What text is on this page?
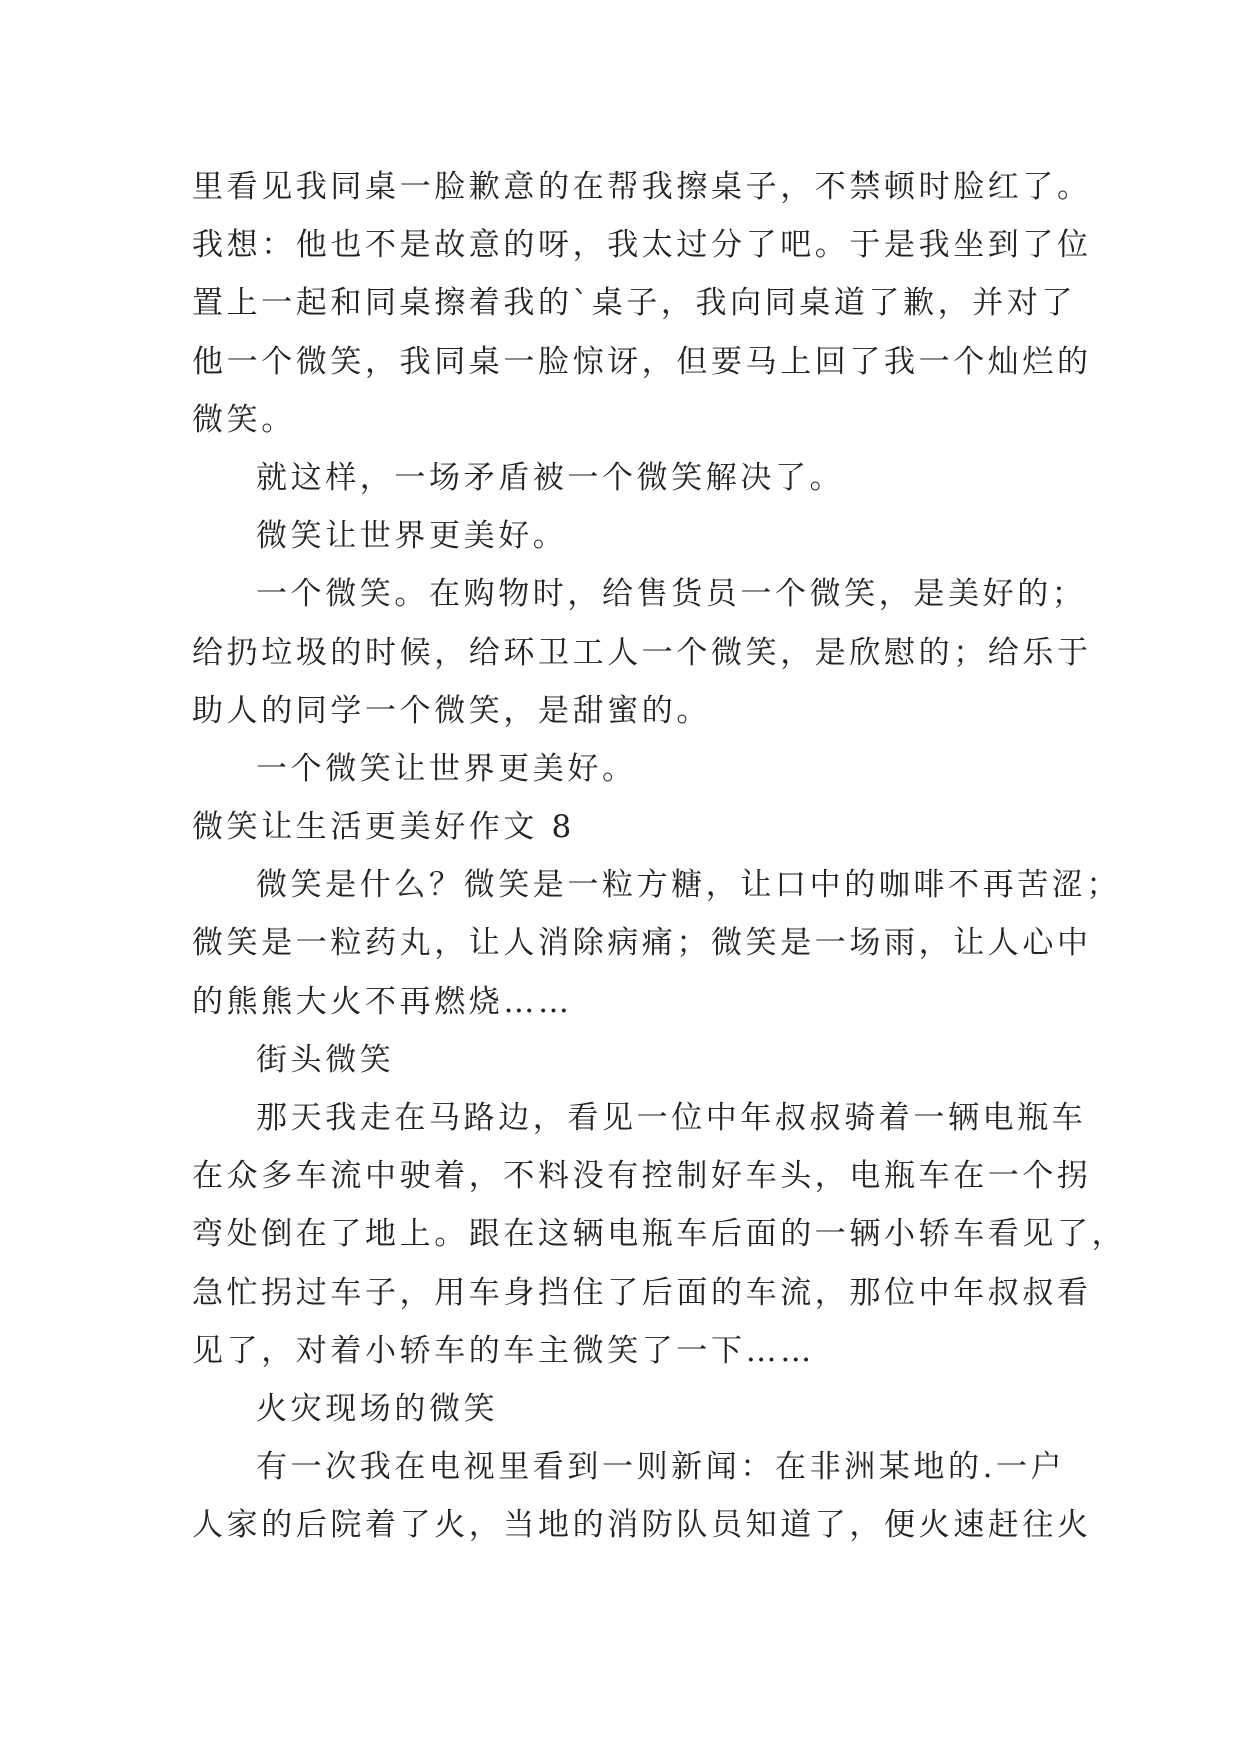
里看见我同桌一脸歉意的在帮我擦桌子，不禁顿时脸红了。
我想：他也不是故意的呀，我太过分了吧。于是我坐到了位
置上一起和同桌擦着我的`桌子，我向同桌道了歉，并对了
他一个微笑，我同桌一脸惊讶，但要马上回了我一个灿烂的
微笑。
就这样，一场矛盾被一个微笑解决了。
微笑让世界更美好。
一个微笑。在购物时，给售货员一个微笑，是美好的；
给扔垃圾的时候，给环卫工人一个微笑，是欣慰的；给乐于
助人的同学一个微笑，是甜蜜的。
一个微笑让世界更美好。
微笑让生活更美好作文 8
微笑是什么？微笑是一粒方糖，让口中的咖啡不再苦涩；
微笑是一粒药丸，让人消除病痛；微笑是一场雨，让人心中
的熊熊大火不再燃烧……
街头微笑
那天我走在马路边，看见一位中年叔叔骑着一辆电瓶车
在众多车流中驶着，不料没有控制好车头，电瓶车在一个拐
弯处倒在了地上。跟在这辆电瓶车后面的一辆小轿车看见了，
急忙拐过车子，用车身挡住了后面的车流，那位中年叔叔看
见了，对着小轿车的车主微笑了一下……
火灾现场的微笑
有一次我在电视里看到一则新闻：在非洲某地的.一户
人家的后院着了火，当地的消防队员知道了，便火速赶往火
